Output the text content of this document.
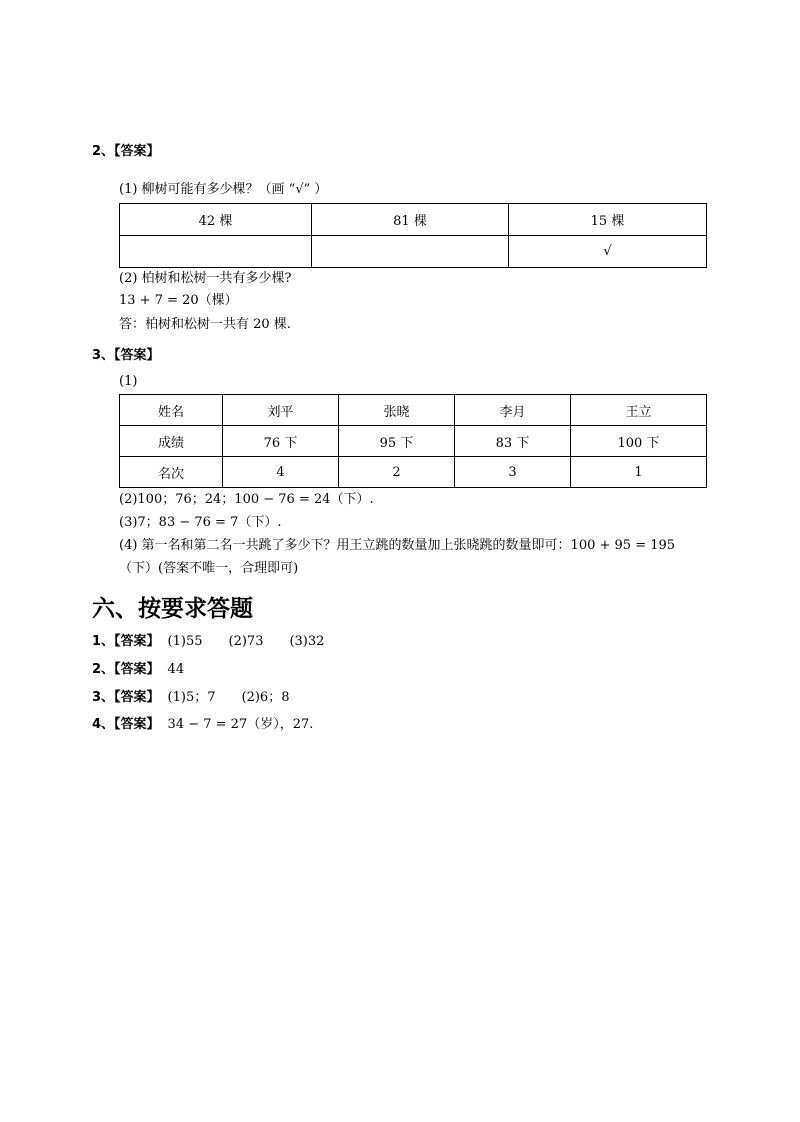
2、【答案】
(1) 柳树可能有多少棵？（画 “√” ）
42 棵	81 棵	15 棵
		√
(2) 柏树和松树一共有多少棵?
13 + 7 = 20（棵）
答：柏树和松树一共有 20 棵.
3、【答案】
(1)
姓名	刘平	张晓	李月	王立
成绩	76 下	95 下	83 下	100 下
名次	4	2	3	1
(2)100；76；24；100 − 76 = 24（下）.
(3)7；83 − 76 = 7（下）.
(4) 第一名和第二名一共跳了多少下？用王立跳的数量加上张晓跳的数量即可：100 + 95 = 195
（下）(答案不唯一，合理即可)
六、按要求答题
1、【答案】 (1)55　　(2)73　　(3)32
2、【答案】 44
3、【答案】 (1)5；7　　(2)6；8
4、【答案】 34 − 7 = 27（岁），27.
